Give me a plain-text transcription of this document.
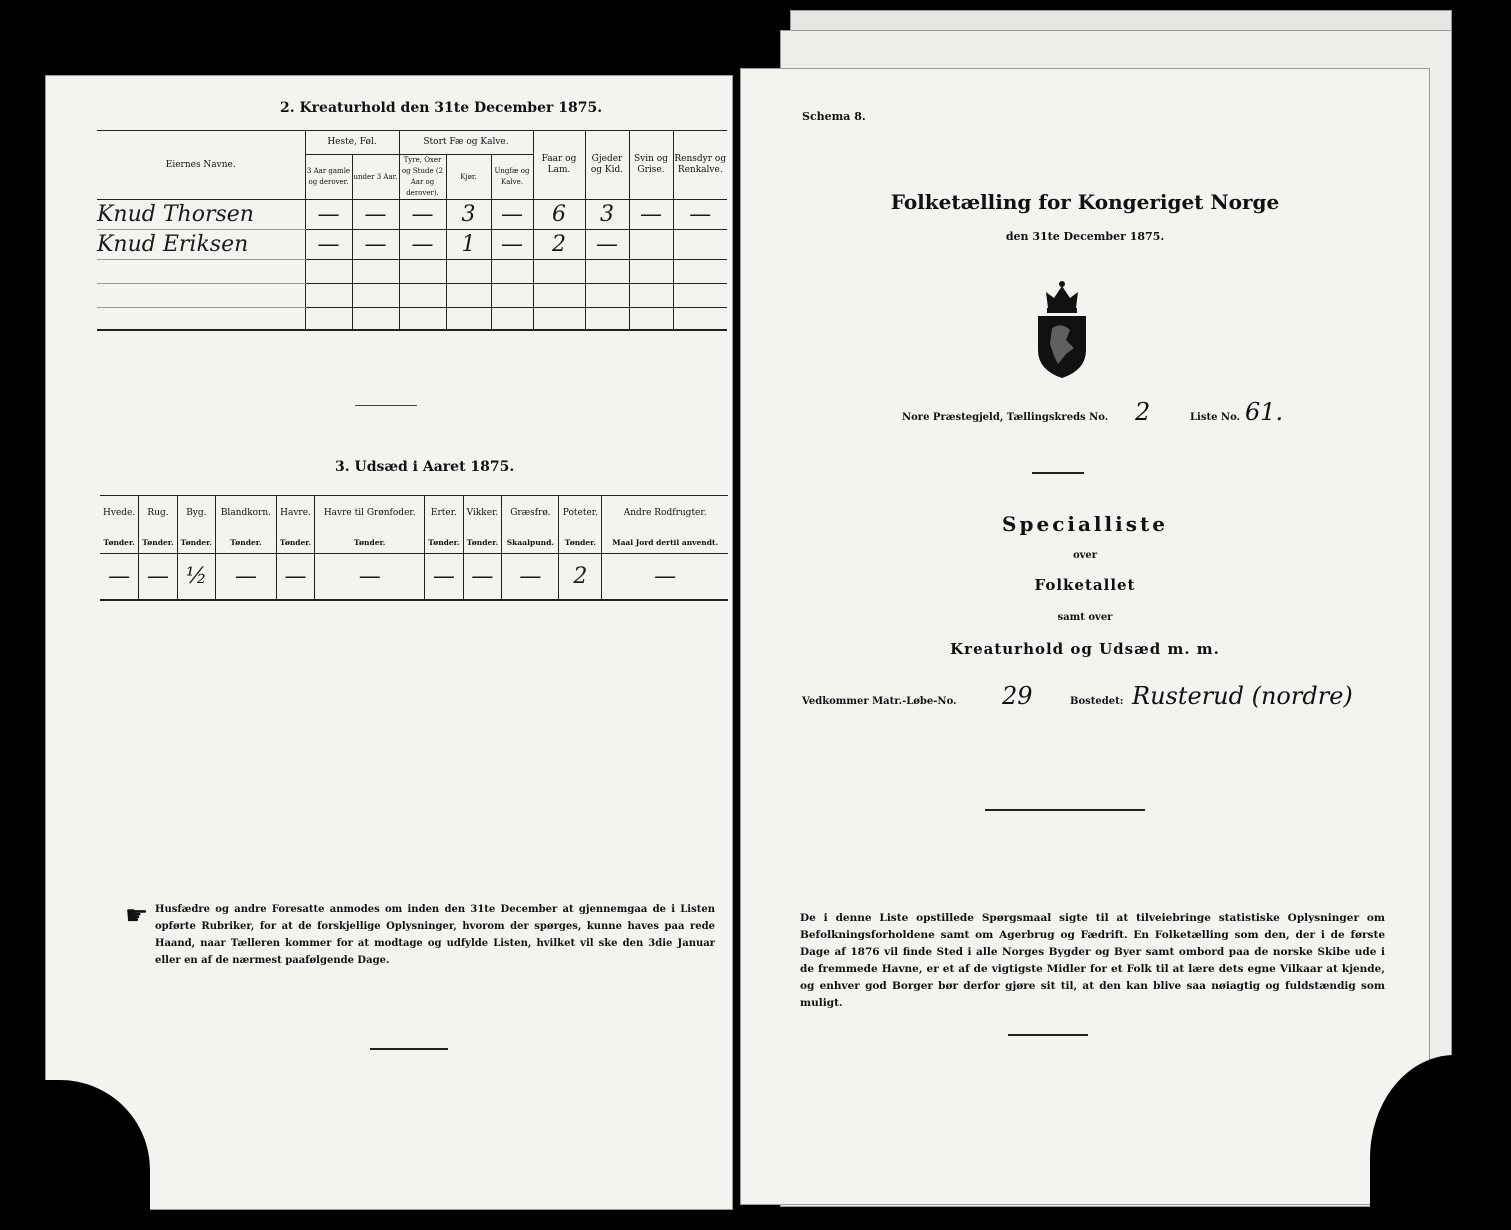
2. Kreaturhold den 31te December 1875.
Eiernes Navne.	Heste, Føl.		Stort Fæ og Kalve.			Faar og Lam.	Gjeder og Kid.	Svin og Grise.	Rensdyr og Renkalve.
	3 Aar gamle og derover.	under 3 Aar.	Tyre, Oxer og Stude (2 Aar og derover).	Kjør.	Ungfæ og Kalve.				
Knud Thorsen	—	—	—	3	—	6	3	—	—
Knud Eriksen	—	—	—	1	—	2	—		

3. Udsæd i Aaret 1875.
Hvede.	Rug.	Byg.	Blandkorn.	Havre.	Havre til Grønfoder.	Erter.	Vikker.	Græsfrø.	Poteter.	Andre Rodfrugter.
Tønder.	Tønder.	Tønder.	Tønder.	Tønder.	Tønder.	Tønder.	Tønder.	Skaalpund.	Tønder.	Maal Jord dertil anvendt.
—	—	½	—	—	—	—	—	—	2	—
☛ Husfædre og andre Foresatte anmodes om inden den 31te December at gjennemgaa de i Listen opførte Rubriker, for at de forskjellige Oplysninger, hvorom der spørges, kunne haves paa rede Haand, naar Tælleren kommer for at modtage og udfylde Listen, hvilket vil ske den 3die Januar eller en af de nærmest paafølgende Dage.
Schema 8.
Folketælling for Kongeriget Norge
den 31te December 1875.
Nore Præstegjeld, Tællingskreds No. 2	Liste No. 61.
Specialliste
over
Folketallet
samt over
Kreaturhold og Udsæd m. m.
Vedkommer Matr.-Løbe-No. 29	Bostedet: Rusterud (nordre)
De i denne Liste opstillede Spørgsmaal sigte til at tilveiebringe statistiske Oplysninger om Befolkningsforholdene samt om Agerbrug og Fædrift. En Folketælling som den, der i de første Dage af 1876 vil finde Sted i alle Norges Bygder og Byer samt ombord paa de norske Skibe ude i de fremmede Havne, er et af de vigtigste Midler for et Folk til at lære dets egne Vilkaar at kjende, og enhver god Borger bør derfor gjøre sit til, at den kan blive saa nøiagtig og fuldstændig som muligt.
